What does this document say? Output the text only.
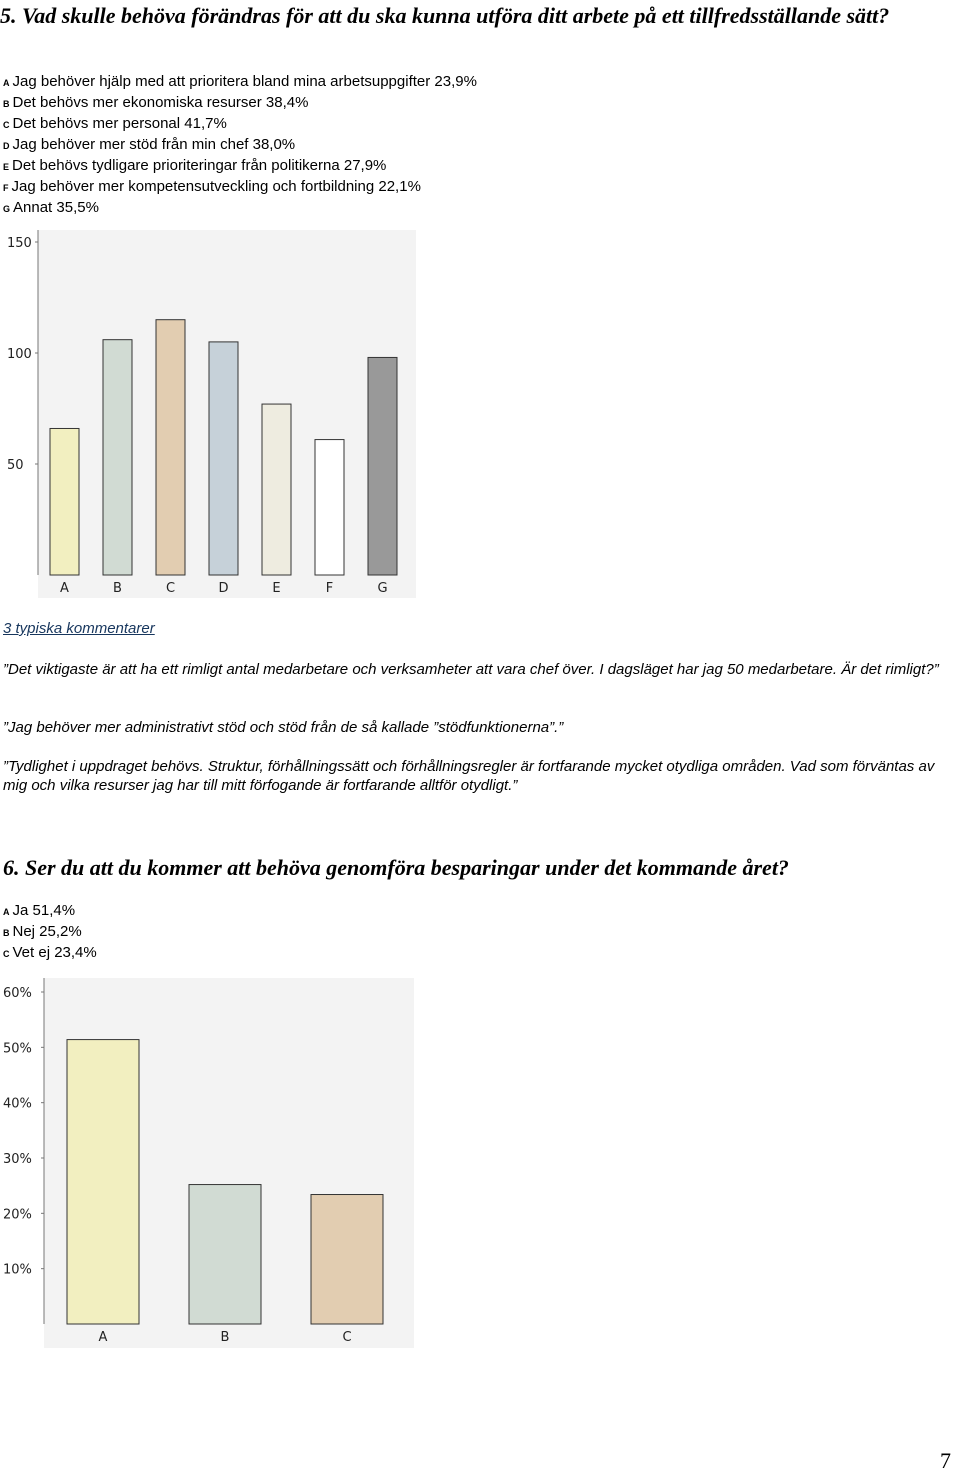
5. Vad skulle behöva förändras för att du ska kunna utföra ditt arbete på ett tillfredsställande sätt?
A Jag behöver hjälp med att prioritera bland mina arbetsuppgifter 23,9%
B Det behövs mer ekonomiska resurser 38,4%
C Det behövs mer personal 41,7%
D Jag behöver mer stöd från min chef 38,0%
E Det behövs tydligare prioriteringar från politikerna 27,9%
F Jag behöver mer kompetensutveckling och fortbildning 22,1%
G Annat 35,5%
50
100
150
A	B	C	D	E	F	G
3 typiska kommentarer
”Det viktigaste är att ha ett rimligt antal medarbetare och verksamheter att vara chef över. I dagsläget har jag 50 medarbetare. Är det rimligt?”
”Jag behöver mer administrativt stöd och stöd från de så kallade ”stödfunktionerna”.”
”Tydlighet i uppdraget behövs. Struktur, förhållningssätt och förhållningsregler är fortfarande mycket otydliga områden. Vad som förväntas av mig och vilka resurser jag har till mitt förfogande är fortfarande alltför otydligt.”
6. Ser du att du kommer att behöva genomföra besparingar under det kommande året?
A Ja 51,4%
B Nej 25,2%
C Vet ej 23,4%
10%
20%
30%
40%
50%
60%
A	B	C
7
